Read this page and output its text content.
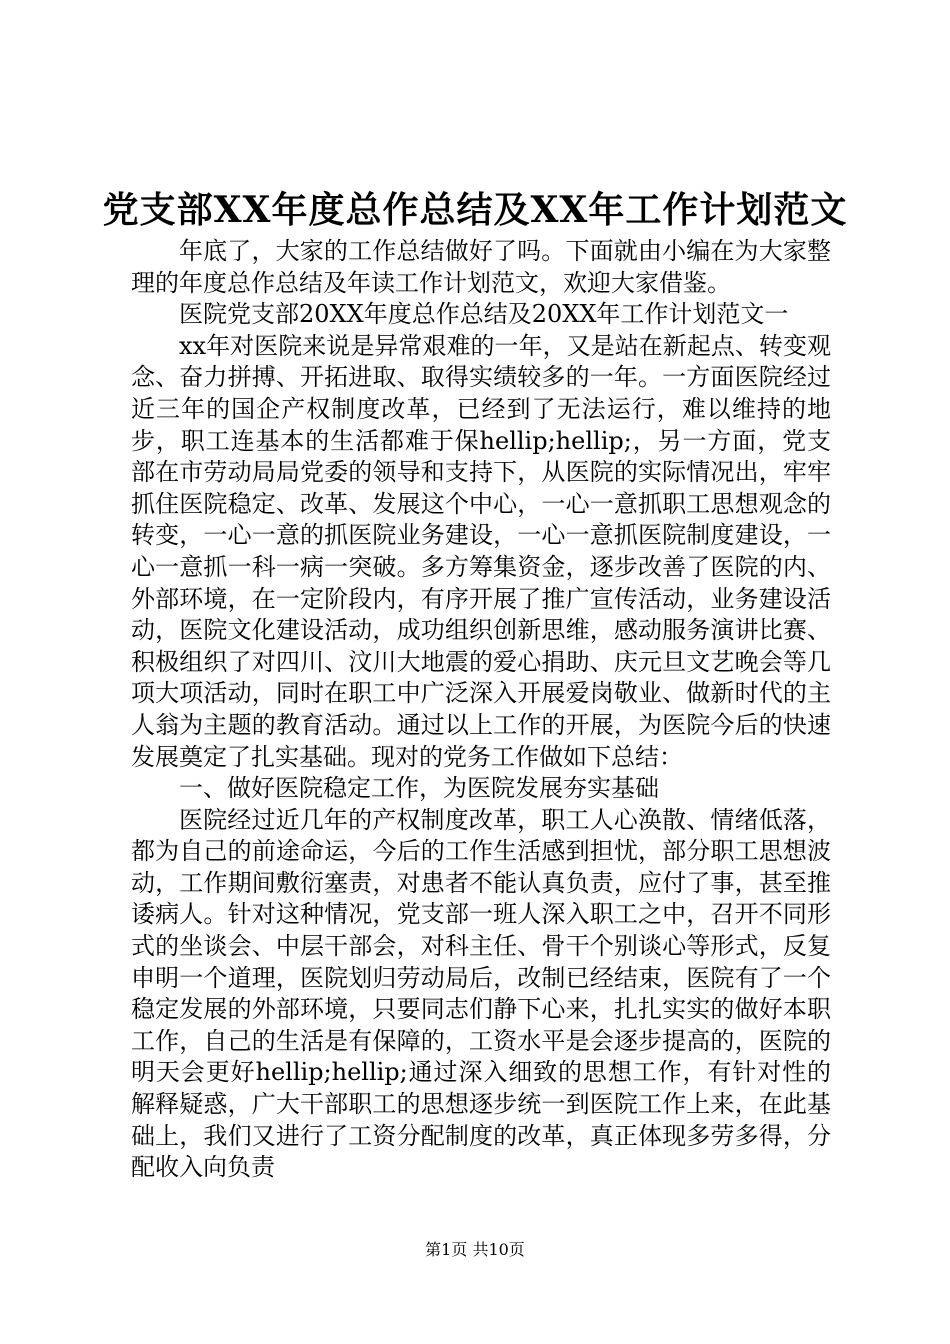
党支部XX年度总作总结及XX年工作计划范文

年底了，大家的工作总结做好了吗。下面就由小编在为大家整理的年度总作总结及年读工作计划范文，欢迎大家借鉴。

医院党支部20XX年度总作总结及20XX年工作计划范文一

xx年对医院来说是异常艰难的一年，又是站在新起点、转变观念、奋力拼搏、开拓进取、取得实绩较多的一年。一方面医院经过近三年的国企产权制度改革，已经到了无法运行，难以维持的地步，职工连基本的生活都难于保hellip;hellip;，另一方面，党支部在市劳动局局党委的领导和支持下，从医院的实际情况出，牢牢抓住医院稳定、改革、发展这个中心，一心一意抓职工思想观念的转变，一心一意的抓医院业务建设，一心一意抓医院制度建设，一心一意抓一科一病一突破。多方筹集资金，逐步改善了医院的内、外部环境，在一定阶段内，有序开展了推广宣传活动，业务建设活动，医院文化建设活动，成功组织创新思维，感动服务演讲比赛、积极组织了对四川、汶川大地震的爱心捐助、庆元旦文艺晚会等几项大项活动，同时在职工中广泛深入开展爱岗敬业、做新时代的主人翁为主题的教育活动。通过以上工作的开展，为医院今后的快速发展奠定了扎实基础。现对的党务工作做如下总结：

一、做好医院稳定工作，为医院发展夯实基础

医院经过近几年的产权制度改革，职工人心涣散、情绪低落，都为自己的前途命运，今后的工作生活感到担忧，部分职工思想波动，工作期间敷衍塞责，对患者不能认真负责，应付了事，甚至推诿病人。针对这种情况，党支部一班人深入职工之中，召开不同形式的坐谈会、中层干部会，对科主任、骨干个别谈心等形式，反复申明一个道理，医院划归劳动局后，改制已经结束，医院有了一个稳定发展的外部环境，只要同志们静下心来，扎扎实实的做好本职工作，自己的生活是有保障的，工资水平是会逐步提高的，医院的明天会更好hellip;hellip;通过深入细致的思想工作，有针对性的解释疑惑，广大干部职工的思想逐步统一到医院工作上来，在此基础上，我们又进行了工资分配制度的改革，真正体现多劳多得，分配收入向负责

第1页 共10页
